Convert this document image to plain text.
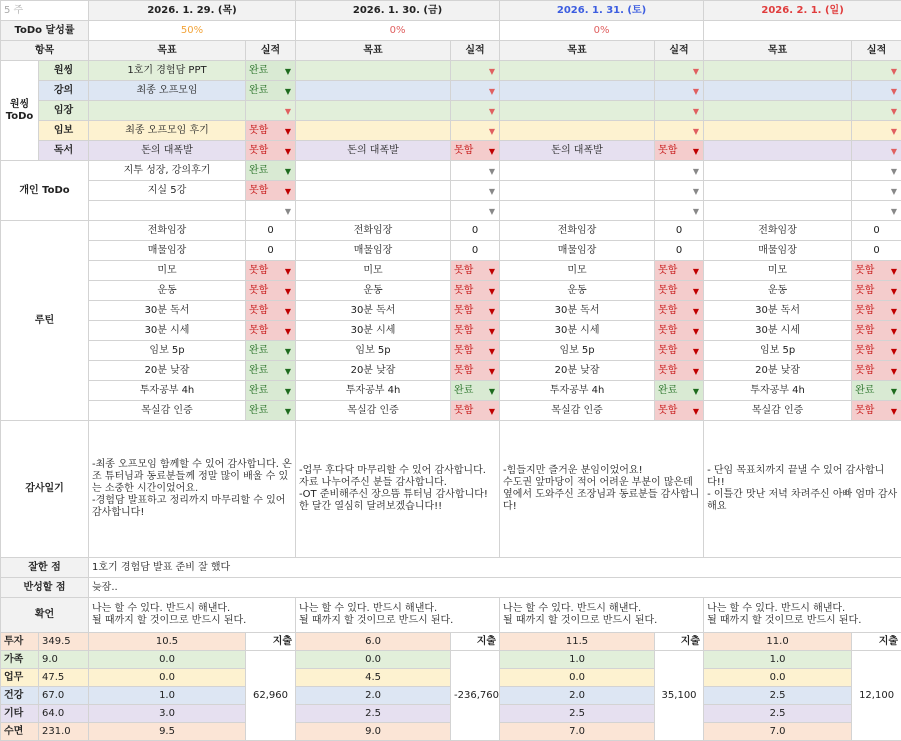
5 주		2026. 1. 29. (목)		2026. 1. 30. (금)		2026. 1. 31. (토)		2026. 2. 1. (일)	
ToDo 달성률		50%		0%		0%			
항목		목표	실적	목표	실적	목표	실적	목표	실적
원씽 ToDo	원씽	1호기 경험담 PPT	완료 ▼		▼		▼		▼

	강의	최종 오프모임	완료 ▼		▼		▼		▼

	임장		▼		▼		▼		▼

	임보	최종 오프모임 후기	못함 ▼		▼		▼		▼

	독서	돈의 대폭발	못함 ▼	돈의 대폭발	못함 ▼	돈의 대폭발	못함 ▼		▼

개인 ToDo		지투 성장, 강의후기	완료 ▼		▼		▼		▼

		지실 5강	못함 ▼		▼		▼		▼

			▼		▼		▼		▼

루틴		전화임장	0	전화임장	0	전화임장	0	전화임장	0
		매물임장	0	매물임장	0	매물임장	0	매물임장	0
		미모	못함 ▼	미모	못함 ▼	미모	못함 ▼	미모	못함 ▼

		운동	못함 ▼	운동	못함 ▼	운동	못함 ▼	운동	못함 ▼

		30분 독서	못함 ▼	30분 독서	못함 ▼	30분 독서	못함 ▼	30분 독서	못함 ▼

		30분 시세	못함 ▼	30분 시세	못함 ▼	30분 시세	못함 ▼	30분 시세	못함 ▼

		임보 5p	완료 ▼	임보 5p	못함 ▼	임보 5p	못함 ▼	임보 5p	못함 ▼

		20분 낮잠	완료 ▼	20분 낮잠	못함 ▼	20분 낮잠	못함 ▼	20분 낮잠	못함 ▼

		투자공부 4h	완료 ▼	투자공부 4h	완료 ▼	투자공부 4h	완료 ▼	투자공부 4h	완료 ▼

		목실감 인증	완료 ▼	목실감 인증	못함 ▼	목실감 인증	못함 ▼	목실감 인증	못함 ▼

감사일기		-최종 오프모임 함께할 수 있어 감사합니다. 온조 튜터님과 동료분들께 정말 많이 배울 수 있는 소중한 시간이었어요.
-경험담 발표하고 정리까지 마무리할 수 있어 감사합니다!		-업무 후다닥 마무리할 수 있어 감사합니다. 자료 나누어주신 분들 감사합니다.
-OT 준비해주신 장으뜸 튜터님 감사합니다! 한 달간 열심히 달려보겠습니다!!		-힘들지만 즐거운 분임이었어요!
수도권 앞마당이 적어 어려운 부분이 많은데 옆에서 도와주신 조장님과 동료분들 감사합니다!		- 단임 목표치까지 끝낼 수 있어 감사합니다!!
- 이틀간 맛난 저녁 차려주신 아빠 엄마 감사해요	
잘한 점		1호기 경험담 발표 준비 잘 했다							
반성할 점		늦잠..							
확언		나는 할 수 있다. 반드시 해낸다.
될 때까지 할 것이므로 반드시 된다.		나는 할 수 있다. 반드시 해낸다.
될 때까지 할 것이므로 반드시 된다.		나는 할 수 있다. 반드시 해낸다.
될 때까지 할 것이므로 반드시 된다.		나는 할 수 있다. 반드시 해낸다.
될 때까지 할 것이므로 반드시 된다.	
투자	349.5	10.5	지출	6.0	지출	11.5	지출	11.0	지출
가족	9.0	0.0	62,960	0.0	-236,760	1.0	35,100	1.0	12,100
업무	47.5	0.0		4.5		0.0		0.0	
건강	67.0	1.0		2.0		2.0		2.5	
기타	64.0	3.0		2.5		2.5		2.5	
수면	231.0	9.5		9.0		7.0		7.0	
